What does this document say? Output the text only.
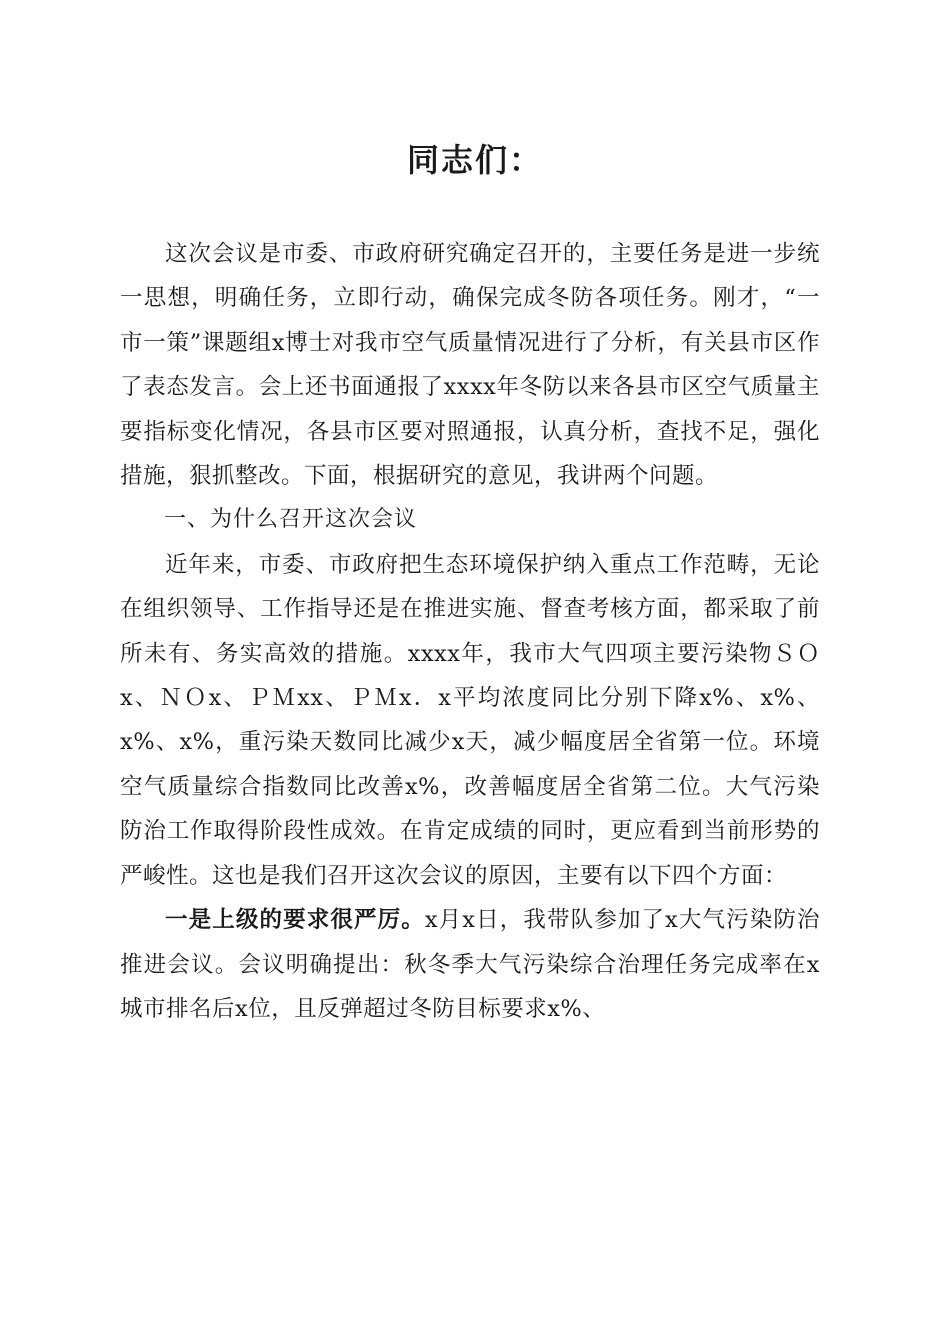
同志们：

这次会议是市委、市政府研究确定召开的，主要任务是进一步统一思想，明确任务，立即行动，确保完成冬防各项任务。刚才，“一市一策”课题组x博士对我市空气质量情况进行了分析，有关县市区作了表态发言。会上还书面通报了xxxx年冬防以来各县市区空气质量主要指标变化情况，各县市区要对照通报，认真分析，查找不足，强化措施，狠抓整改。下面，根据研究的意见，我讲两个问题。

一、为什么召开这次会议

近年来，市委、市政府把生态环境保护纳入重点工作范畴，无论在组织领导、工作指导还是在推进实施、督查考核方面，都采取了前所未有、务实高效的措施。xxxx年，我市大气四项主要污染物ＳＯx、ＮＯx、ＰＭxx、ＰＭx．x平均浓度同比分别下降x%、x%、x%、x%，重污染天数同比减少x天，减少幅度居全省第一位。环境空气质量综合指数同比改善x%，改善幅度居全省第二位。大气污染防治工作取得阶段性成效。在肯定成绩的同时，更应看到当前形势的严峻性。这也是我们召开这次会议的原因，主要有以下四个方面：

一是上级的要求很严厉。x月x日，我带队参加了x大气污染防治推进会议。会议明确提出：秋冬季大气污染综合治理任务完成率在x城市排名后x位，且反弹超过冬防目标要求x%、
